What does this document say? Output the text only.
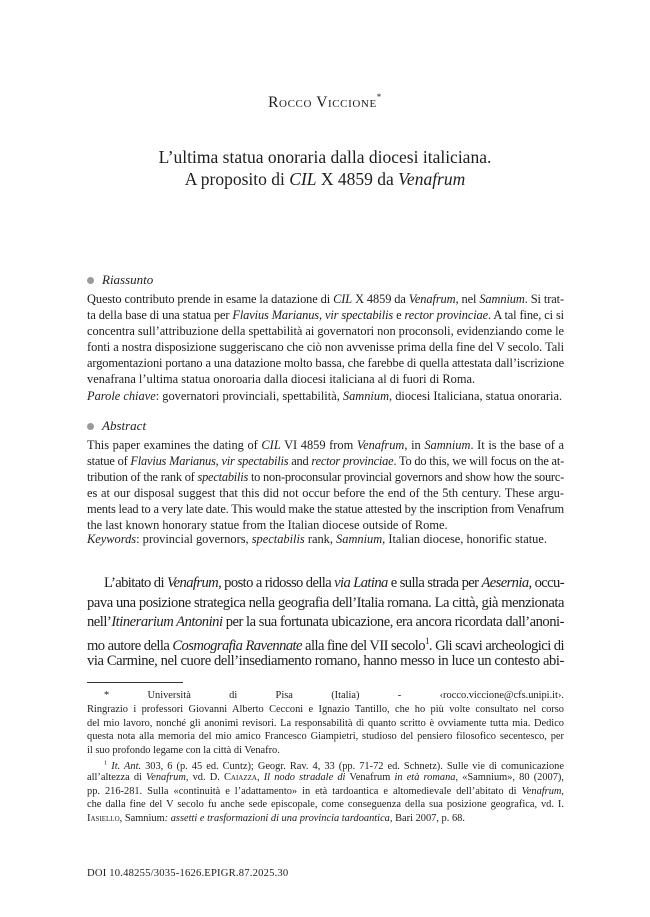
Rocco Viccione*
L’ultima statua onoraria dalla diocesi italiciana.
A proposito di CIL X 4859 da Venafrum
Riassunto
Questo contributo prende in esame la datazione di CIL X 4859 da Venafrum, nel Samnium. Si trat-
ta della base di una statua per Flavius Marianus, vir spectabilis e rector provinciae. A tal fine, ci si
concentra sull’attribuzione della spettabilità ai governatori non proconsoli, evidenziando come le
fonti a nostra disposizione suggeriscano che ciò non avvenisse prima della fine del V secolo. Tali
argomentazioni portano a una datazione molto bassa, che farebbe di quella attestata dall’iscrizione
venafrana l’ultima statua onoroaria dalla diocesi italiciana al di fuori di Roma.
Parole chiave: governatori provinciali, spettabilità, Samnium, diocesi Italiciana, statua onoraria.
Abstract
This paper examines the dating of CIL VI 4859 from Venafrum, in Samnium. It is the base of a
statue of Flavius Marianus, vir spectabilis and rector provinciae. To do this, we will focus on the at-
tribution of the rank of spectabilis to non-proconsular provincial governors and show how the sourc-
es at our disposal suggest that this did not occur before the end of the 5th century. These argu-
ments lead to a very late date. This would make the statue attested by the inscription from Venafrum
the last known honorary statue from the Italian diocese outside of Rome.
Keywords: provincial governors, spectabilis rank, Samnium, Italian diocese, honorific statue.
L’abitato di Venafrum, posto a ridosso della via Latina e sulla strada per Aesernia, occu-
pava una posizione strategica nella geografia dell’Italia romana. La città, già menzionata
nell’Itinerarium Antonini per la sua fortunata ubicazione, era ancora ricordata dall’anoni-
mo autore della Cosmografia Ravennate alla fine del VII secolo$^1$. Gli scavi archeologici di
via Carmine, nel cuore dell’insediamento romano, hanno messo in luce un contesto abi-
* Università di Pisa (Italia) - ‹rocco.viccione@cfs.unipi.it›.
Ringrazio i professori Giovanni Alberto Cecconi e Ignazio Tantillo, che ho più volte consultato nel corso
del mio lavoro, nonché gli anonimi revisori. La responsabilità di quanto scritto è ovviamente tutta mia. Dedico
questa nota alla memoria del mio amico Francesco Giampietri, studioso del pensiero filosofico secentesco, per
il suo profondo legame con la città di Venafro.
$^1$ It. Ant. 303, 6 (p. 45 ed. Cuntz); Geogr. Rav. 4, 33 (pp. 71-72 ed. Schnetz). Sulle vie di comunicazione
all’altezza di Venafrum, vd. D. Caiazza, Il nodo stradale di Venafrum in età romana, «Samnium», 80 (2007),
pp. 216-281. Sulla «continuità e l’adattamento» in età tardoantica e altomedievale dell’abitato di Venafrum,
che dalla fine del V secolo fu anche sede episcopale, come conseguenza della sua posizione geografica, vd. I.
Iasiello, Samnium: assetti e trasformazioni di una provincia tardoantica, Bari 2007, p. 68.
DOI 10.48255/3035-1626.EPIGR.87.2025.30
